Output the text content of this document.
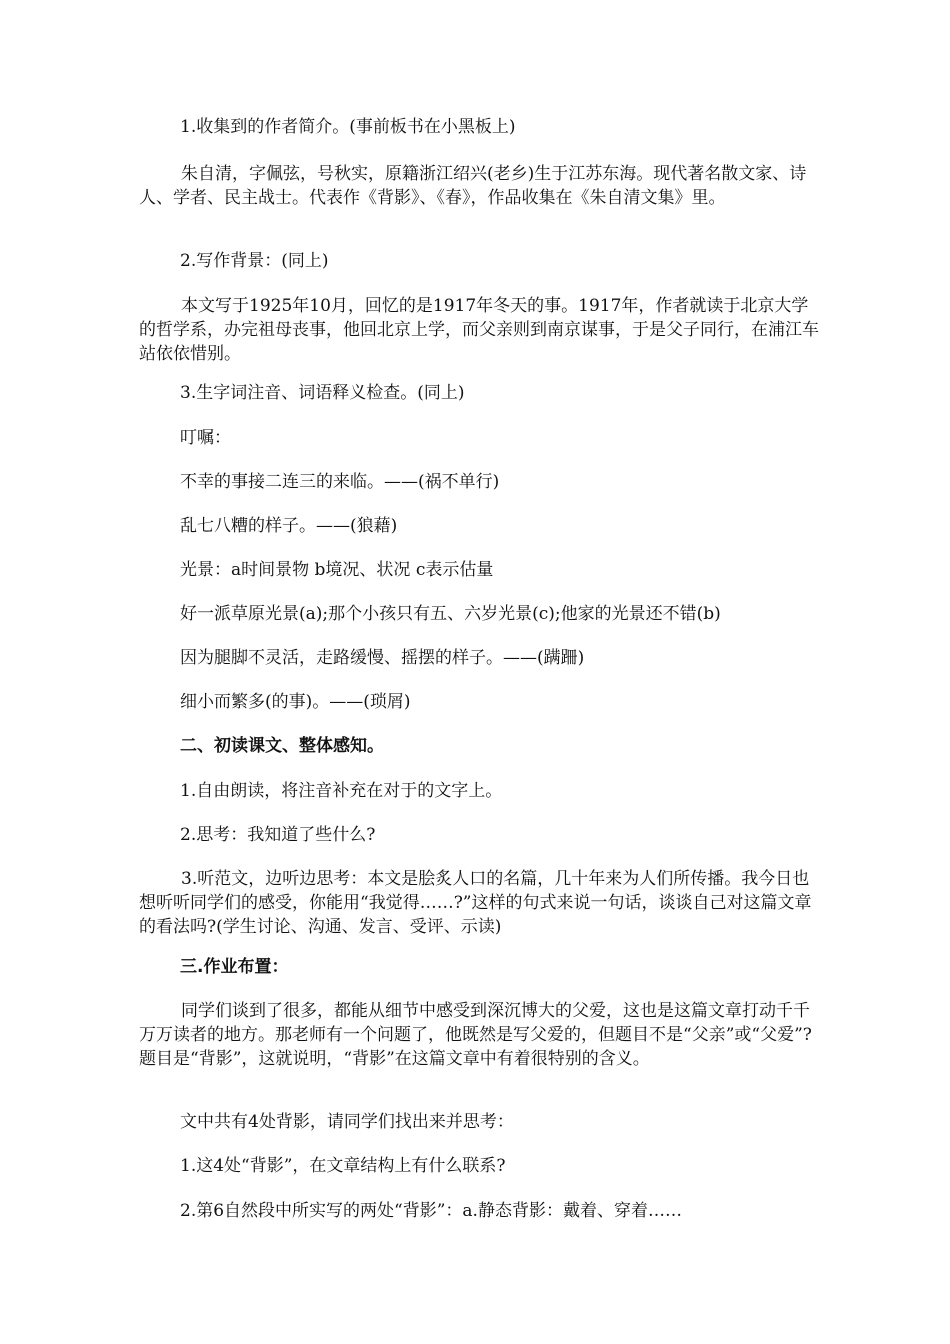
1.收集到的作者简介。(事前板书在小黑板上)

朱自清，字佩弦，号秋实，原籍浙江绍兴(老乡)生于江苏东海。现代著名散文家、诗人、学者、民主战士。代表作《背影》、《春》，作品收集在《朱自清文集》里。

2.写作背景：(同上)

本文写于1925年10月，回忆的是1917年冬天的事。1917年，作者就读于北京大学的哲学系，办完祖母丧事，他回北京上学，而父亲则到南京谋事，于是父子同行，在浦江车站依依惜别。

3.生字词注音、词语释义检查。(同上)

叮嘱：

不幸的事接二连三的来临。——(祸不单行)

乱七八糟的样子。——(狼藉)

光景：a时间景物 b境况、状况 c表示估量

好一派草原光景(a);那个小孩只有五、六岁光景(c);他家的光景还不错(b)

因为腿脚不灵活，走路缓慢、摇摆的样子。——(蹒跚)

细小而繁多(的事)。——(琐屑)

二、初读课文、整体感知。

1.自由朗读，将注音补充在对于的文字上。

2.思考：我知道了些什么?

3.听范文，边听边思考：本文是脍炙人口的名篇，几十年来为人们所传播。我今日也想听听同学们的感受，你能用“我觉得……?”这样的句式来说一句话，谈谈自己对这篇文章的看法吗?(学生讨论、沟通、发言、受评、示读)

三.作业布置：

同学们谈到了很多，都能从细节中感受到深沉博大的父爱，这也是这篇文章打动千千万万读者的地方。那老师有一个问题了，他既然是写父爱的，但题目不是“父亲”或“父爱”?题目是“背影”，这就说明，“背影”在这篇文章中有着很特别的含义。

文中共有4处背影，请同学们找出来并思考：

1.这4处“背影”，在文章结构上有什么联系?

2.第6自然段中所实写的两处“背影”：a.静态背影：戴着、穿着……
